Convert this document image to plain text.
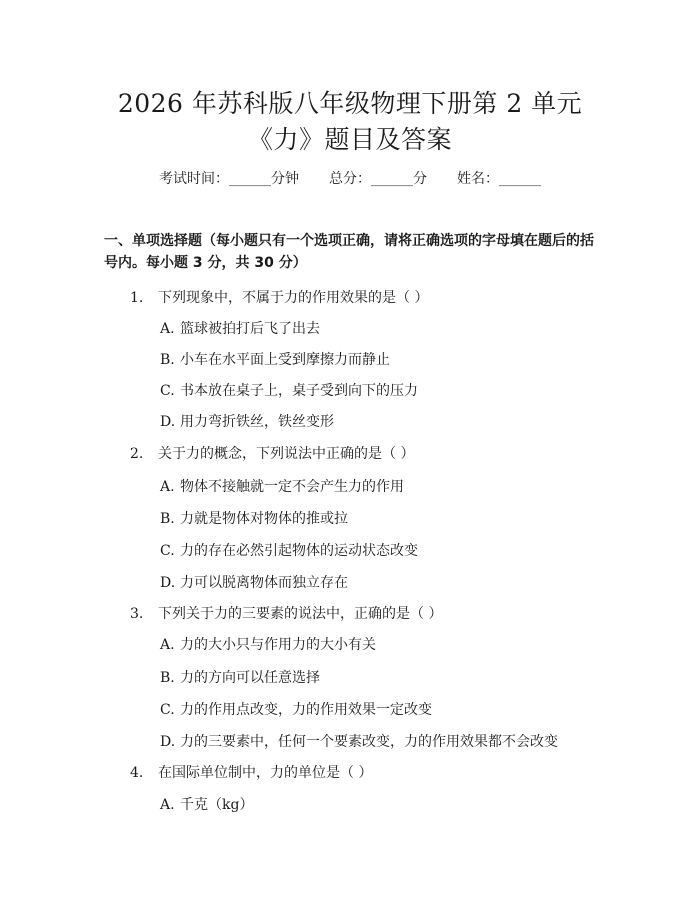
2026 年苏科版八年级物理下册第 2 单元
《力》题目及答案
考试时间：______分钟 总分：______分 姓名：______
一、单项选择题（每小题只有一个选项正确，请将正确选项的字母填在题后的括号内。每小题 3 分，共 30 分）
1. 下列现象中，不属于力的作用效果的是（ ）
A. 篮球被拍打后飞了出去
B. 小车在水平面上受到摩擦力而静止
C. 书本放在桌子上，桌子受到向下的压力
D. 用力弯折铁丝，铁丝变形
2. 关于力的概念，下列说法中正确的是（ ）
A. 物体不接触就一定不会产生力的作用
B. 力就是物体对物体的推或拉
C. 力的存在必然引起物体的运动状态改变
D. 力可以脱离物体而独立存在
3. 下列关于力的三要素的说法中，正确的是（ ）
A. 力的大小只与作用力的大小有关
B. 力的方向可以任意选择
C. 力的作用点改变，力的作用效果一定改变
D. 力的三要素中，任何一个要素改变，力的作用效果都不会改变
4. 在国际单位制中，力的单位是（ ）
A. 千克（kg）
